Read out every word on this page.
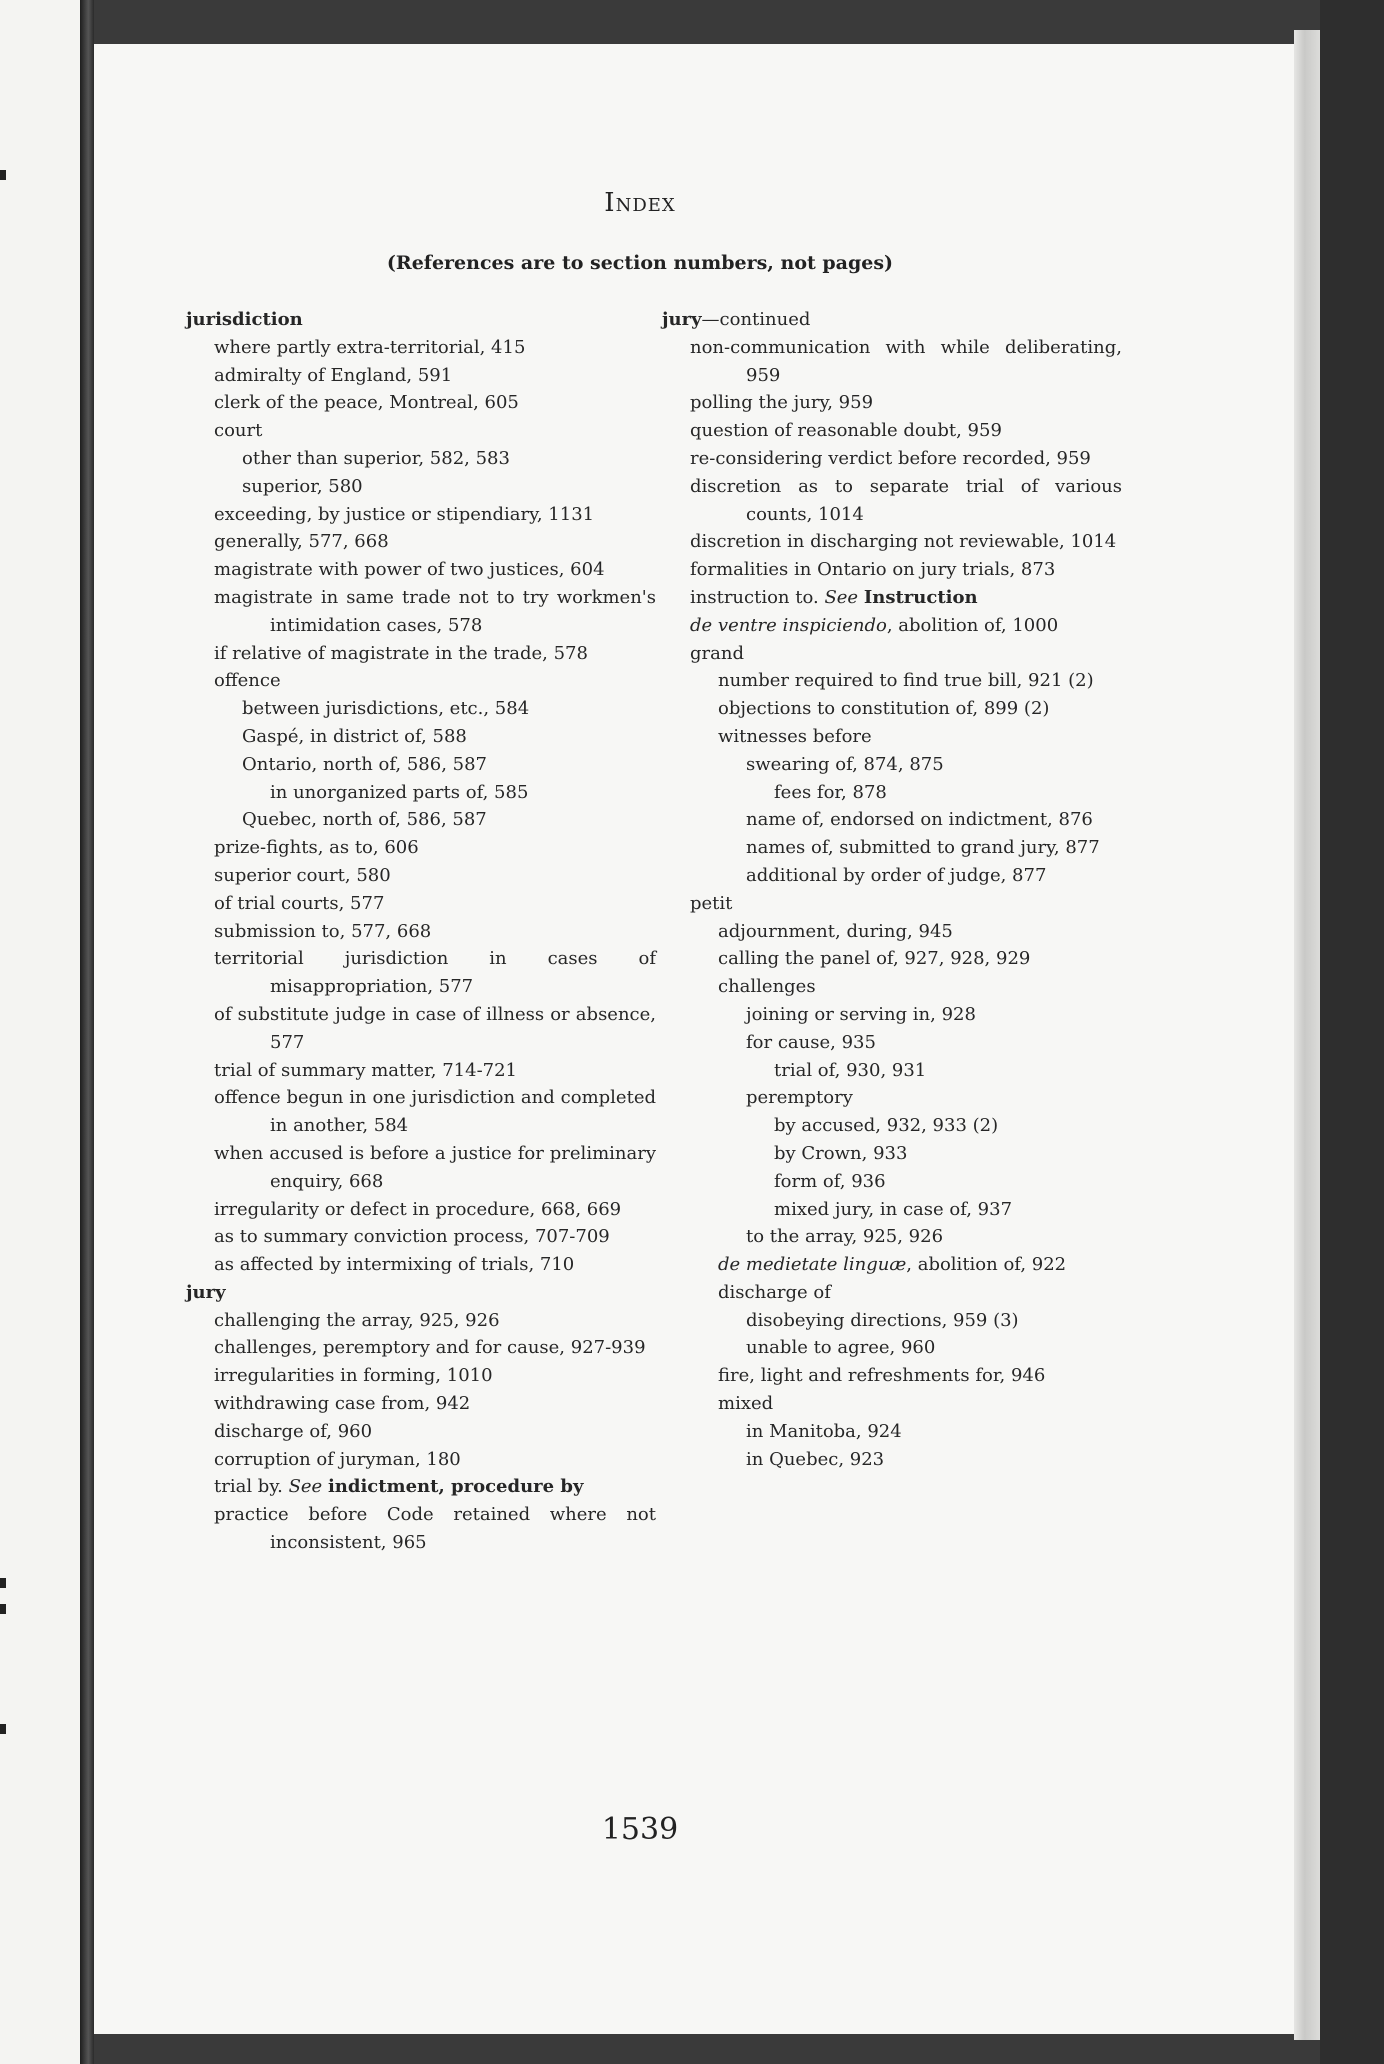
Index
(References are to section numbers, not pages)
jurisdiction
where partly extra-territorial, 415
admiralty of England, 591
clerk of the peace, Montreal, 605
court
other than superior, 582, 583
superior, 580
exceeding, by justice or stipendiary, 1131
generally, 577, 668
magistrate with power of two justices, 604
magistrate in same trade not to try workmen's intimidation cases, 578
if relative of magistrate in the trade, 578
offence
between jurisdictions, etc., 584
Gaspé, in district of, 588
Ontario, north of, 586, 587
in unorganized parts of, 585
Quebec, north of, 586, 587
prize-fights, as to, 606
superior court, 580
of trial courts, 577
submission to, 577, 668
territorial jurisdiction in cases of misappropriation, 577
of substitute judge in case of illness or absence, 577
trial of summary matter, 714-721
offence begun in one jurisdiction and completed in another, 584
when accused is before a justice for preliminary enquiry, 668
irregularity or defect in procedure, 668, 669
as to summary conviction process, 707-709
as affected by intermixing of trials, 710
jury
challenging the array, 925, 926
challenges, peremptory and for cause, 927-939
irregularities in forming, 1010
withdrawing case from, 942
discharge of, 960
corruption of juryman, 180
trial by. See indictment, procedure by
practice before Code retained where not inconsistent, 965
jury—continued
non-communication with while deliberating, 959
polling the jury, 959
question of reasonable doubt, 959
re-considering verdict before recorded, 959
discretion as to separate trial of various counts, 1014
discretion in discharging not reviewable, 1014
formalities in Ontario on jury trials, 873
instruction to. See Instruction
de ventre inspiciendo, abolition of, 1000
grand
number required to find true bill, 921 (2)
objections to constitution of, 899 (2)
witnesses before
swearing of, 874, 875
fees for, 878
name of, endorsed on indictment, 876
names of, submitted to grand jury, 877
additional by order of judge, 877
petit
adjournment, during, 945
calling the panel of, 927, 928, 929
challenges
joining or serving in, 928
for cause, 935
trial of, 930, 931
peremptory
by accused, 932, 933 (2)
by Crown, 933
form of, 936
mixed jury, in case of, 937
to the array, 925, 926
de medietate linguæ, abolition of, 922
discharge of
disobeying directions, 959 (3)
unable to agree, 960
fire, light and refreshments for, 946
mixed
in Manitoba, 924
in Quebec, 923
1539
